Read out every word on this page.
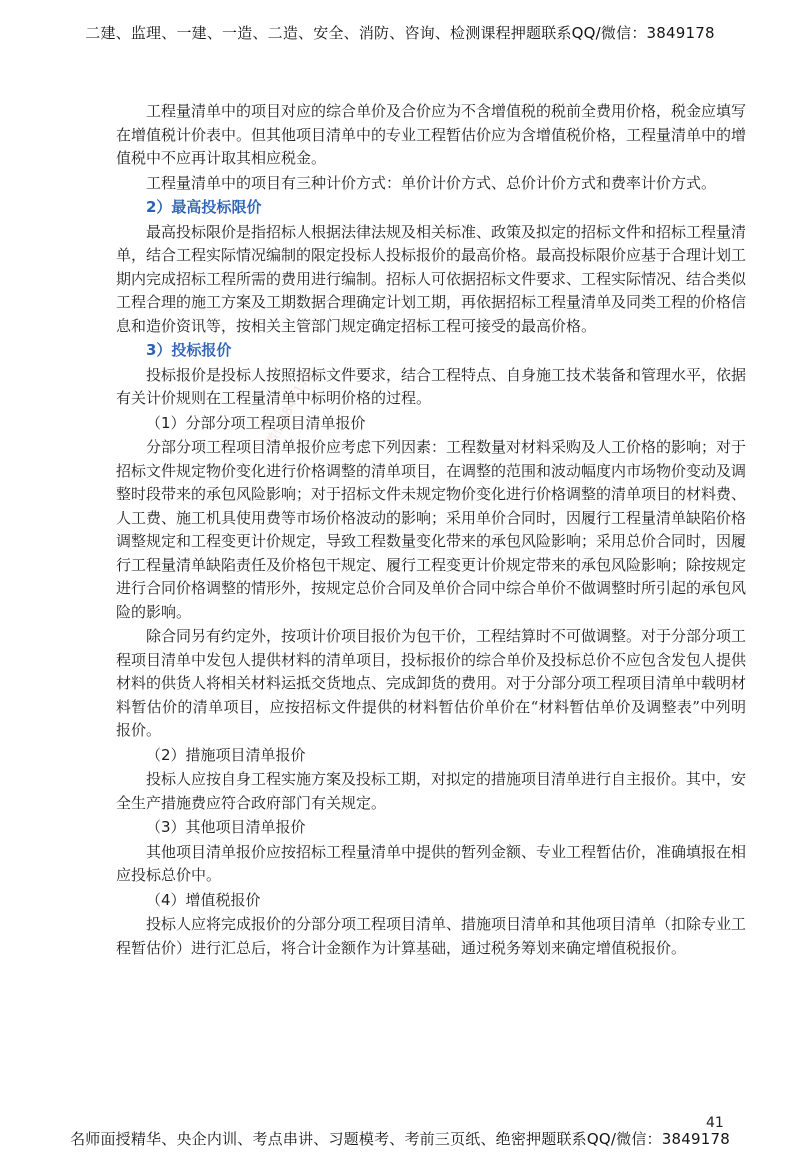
二建、监理、一建、一造、二造、安全、消防、咨询、检测课程押题联系QQ/微信：3849178
微信3849178

工程量清单中的项目对应的综合单价及合价应为不含增值税的税前全费用价格，税金应填写在增值税计价表中。但其他项目清单中的专业工程暂估价应为含增值税价格，工程量清单中的增值税中不应再计取其相应税金。

工程量清单中的项目有三种计价方式：单价计价方式、总价计价方式和费率计价方式。

2）最高投标限价

最高投标限价是指招标人根据法律法规及相关标准、政策及拟定的招标文件和招标工程量清单，结合工程实际情况编制的限定投标人投标报价的最高价格。最高投标限价应基于合理计划工期内完成招标工程所需的费用进行编制。招标人可依据招标文件要求、工程实际情况、结合类似工程合理的施工方案及工期数据合理确定计划工期，再依据招标工程量清单及同类工程的价格信息和造价资讯等，按相关主管部门规定确定招标工程可接受的最高价格。

3）投标报价

投标报价是投标人按照招标文件要求，结合工程特点、自身施工技术装备和管理水平，依据有关计价规则在工程量清单中标明价格的过程。

（1）分部分项工程项目清单报价

分部分项工程项目清单报价应考虑下列因素：工程数量对材料采购及人工价格的影响；对于招标文件规定物价变化进行价格调整的清单项目，在调整的范围和波动幅度内市场物价变动及调整时段带来的承包风险影响；对于招标文件未规定物价变化进行价格调整的清单项目的材料费、人工费、施工机具使用费等市场价格波动的影响；采用单价合同时，因履行工程量清单缺陷价格调整规定和工程变更计价规定，导致工程数量变化带来的承包风险影响；采用总价合同时，因履行工程量清单缺陷责任及价格包干规定、履行工程变更计价规定带来的承包风险影响；除按规定进行合同价格调整的情形外，按规定总价合同及单价合同中综合单价不做调整时所引起的承包风险的影响。

除合同另有约定外，按项计价项目报价为包干价，工程结算时不可做调整。对于分部分项工程项目清单中发包人提供材料的清单项目，投标报价的综合单价及投标总价不应包含发包人提供材料的供货人将相关材料运抵交货地点、完成卸货的费用。对于分部分项工程项目清单中载明材料暂估价的清单项目，应按招标文件提供的材料暂估价单价在“材料暂估单价及调整表”中列明报价。

（2）措施项目清单报价

投标人应按自身工程实施方案及投标工期，对拟定的措施项目清单进行自主报价。其中，安全生产措施费应符合政府部门有关规定。

（3）其他项目清单报价

其他项目清单报价应按招标工程量清单中提供的暂列金额、专业工程暂估价，准确填报在相应投标总价中。

（4）增值税报价

投标人应将完成报价的分部分项工程项目清单、措施项目清单和其他项目清单（扣除专业工程暂估价）进行汇总后，将合计金额作为计算基础，通过税务筹划来确定增值税报价。

41
名师面授精华、央企内训、考点串讲、习题模考、考前三页纸、绝密押题联系QQ/微信：3849178
